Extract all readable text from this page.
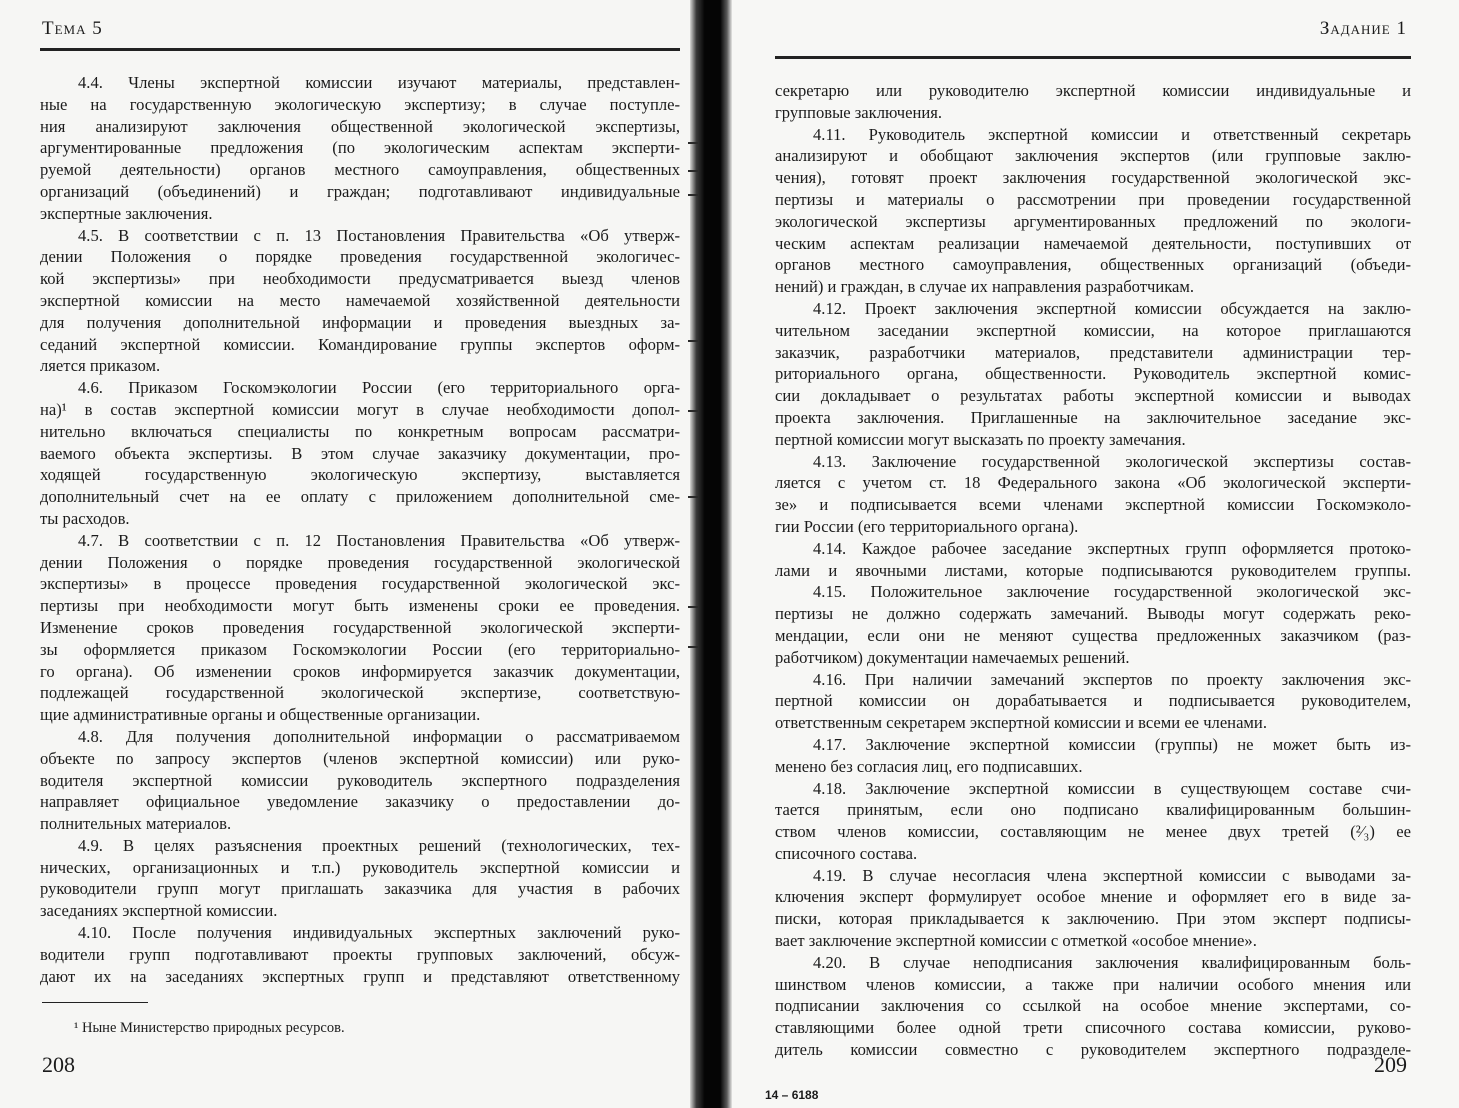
Тема 5
4.4. Члены экспертной комиссии изучают материалы, представлен-
ные на государственную экологическую экспертизу; в случае поступле-
ния анализируют заключения общественной экологической экспертизы,
аргументированные предложения (по экологическим аспектам эксперти-
руемой деятельности) органов местного самоуправления, общественных
организаций (объединений) и граждан; подготавливают индивидуальные
экспертные заключения.
4.5. В соответствии с п. 13 Постановления Правительства «Об утверж-
дении Положения о порядке проведения государственной экологичес-
кой экспертизы» при необходимости предусматривается выезд членов
экспертной комиссии на место намечаемой хозяйственной деятельности
для получения дополнительной информации и проведения выездных за-
седаний экспертной комиссии. Командирование группы экспертов оформ-
ляется приказом.
4.6. Приказом Госкомэкологии России (его территориального орга-
на)¹ в состав экспертной комиссии могут в случае необходимости допол-
нительно включаться специалисты по конкретным вопросам рассматри-
ваемого объекта экспертизы. В этом случае заказчику документации, про-
ходящей государственную экологическую экспертизу, выставляется
дополнительный счет на ее оплату с приложением дополнительной сме-
ты расходов.
4.7. В соответствии с п. 12 Постановления Правительства «Об утверж-
дении Положения о порядке проведения государственной экологической
экспертизы» в процессе проведения государственной экологической экс-
пертизы при необходимости могут быть изменены сроки ее проведения.
Изменение сроков проведения государственной экологической эксперти-
зы оформляется приказом Госкомэкологии России (его территориально-
го органа). Об изменении сроков информируется заказчик документации,
подлежащей государственной экологической экспертизе, соответствую-
щие административные органы и общественные организации.
4.8. Для получения дополнительной информации о рассматриваемом
объекте по запросу экспертов (членов экспертной комиссии) или руко-
водителя экспертной комиссии руководитель экспертного подразделения
направляет официальное уведомление заказчику о предоставлении до-
полнительных материалов.
4.9. В целях разъяснения проектных решений (технологических, тех-
нических, организационных и т.п.) руководитель экспертной комиссии и
руководители групп могут приглашать заказчика для участия в рабочих
заседаниях экспертной комиссии.
4.10. После получения индивидуальных экспертных заключений руко-
водители групп подготавливают проекты групповых заключений, обсуж-
дают их на заседаниях экспертных групп и представляют ответственному
¹ Ныне Министерство природных ресурсов.
208
Задание 1
секретарю или руководителю экспертной комиссии индивидуальные и
групповые заключения.
4.11. Руководитель экспертной комиссии и ответственный секретарь
анализируют и обобщают заключения экспертов (или групповые заклю-
чения), готовят проект заключения государственной экологической экс-
пертизы и материалы о рассмотрении при проведении государственной
экологической экспертизы аргументированных предложений по экологи-
ческим аспектам реализации намечаемой деятельности, поступивших от
органов местного самоуправления, общественных организаций (объеди-
нений) и граждан, в случае их направления разработчикам.
4.12. Проект заключения экспертной комиссии обсуждается на заклю-
чительном заседании экспертной комиссии, на которое приглашаются
заказчик, разработчики материалов, представители администрации тер-
риториального органа, общественности. Руководитель экспертной комис-
сии докладывает о результатах работы экспертной комиссии и выводах
проекта заключения. Приглашенные на заключительное заседание экс-
пертной комиссии могут высказать по проекту замечания.
4.13. Заключение государственной экологической экспертизы состав-
ляется с учетом ст. 18 Федерального закона «Об экологической эксперти-
зе» и подписывается всеми членами экспертной комиссии Госкомэколо-
гии России (его территориального органа).
4.14. Каждое рабочее заседание экспертных групп оформляется протоко-
лами и явочными листами, которые подписываются руководителем группы.
4.15. Положительное заключение государственной экологической экс-
пертизы не должно содержать замечаний. Выводы могут содержать реко-
мендации, если они не меняют существа предложенных заказчиком (раз-
работчиком) документации намечаемых решений.
4.16. При наличии замечаний экспертов по проекту заключения экс-
пертной комиссии он дорабатывается и подписывается руководителем,
ответственным секретарем экспертной комиссии и всеми ее членами.
4.17. Заключение экспертной комиссии (группы) не может быть из-
менено без согласия лиц, его подписавших.
4.18. Заключение экспертной комиссии в существующем составе счи-
тается принятым, если оно подписано квалифицированным большин-
ством членов комиссии, составляющим не менее двух третей (²⁄₃) ее
списочного состава.
4.19. В случае несогласия члена экспертной комиссии с выводами за-
ключения эксперт формулирует особое мнение и оформляет его в виде за-
писки, которая прикладывается к заключению. При этом эксперт подписы-
вает заключение экспертной комиссии с отметкой «особое мнение».
4.20. В случае неподписания заключения квалифицированным боль-
шинством членов комиссии, а также при наличии особого мнения или
подписании заключения со ссылкой на особое мнение экспертами, со-
ставляющими более одной трети списочного состава комиссии, руково-
дитель комиссии совместно с руководителем экспертного подразделе-
209
14 – 6188
